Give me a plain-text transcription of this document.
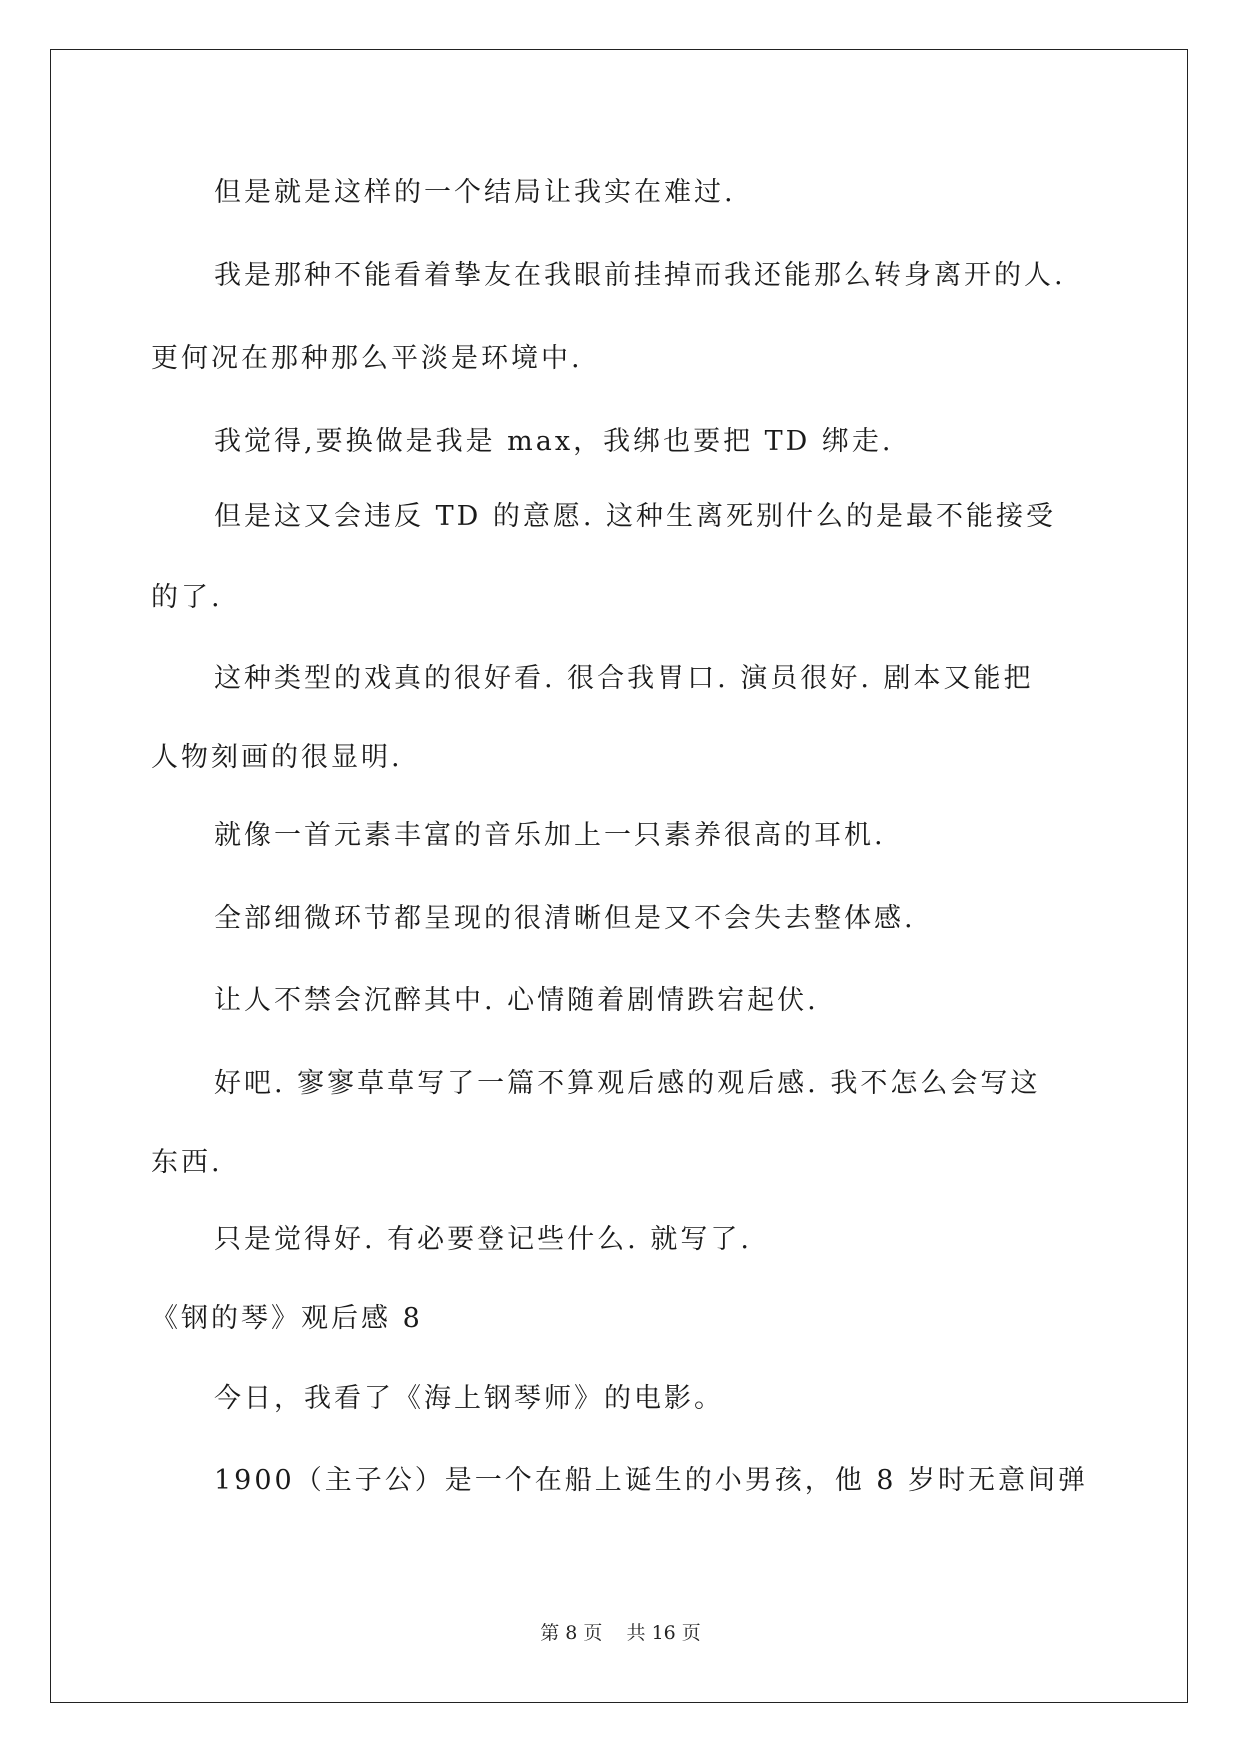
但是就是这样的一个结局让我实在难过.
我是那种不能看着挚友在我眼前挂掉而我还能那么转身离开的人.
更何况在那种那么平淡是环境中.
我觉得,要换做是我是 max，我绑也要把 TD 绑走.
但是这又会违反 TD 的意愿. 这种生离死别什么的是最不能接受
的了.
这种类型的戏真的很好看. 很合我胃口. 演员很好. 剧本又能把
人物刻画的很显明.
就像一首元素丰富的音乐加上一只素养很高的耳机.
全部细微环节都呈现的很清晰但是又不会失去整体感.
让人不禁会沉醉其中. 心情随着剧情跌宕起伏.
好吧. 寥寥草草写了一篇不算观后感的观后感. 我不怎么会写这
东西.
只是觉得好. 有必要登记些什么. 就写了.
《钢的琴》观后感 8
今日，我看了《海上钢琴师》的电影。
1900（主子公）是一个在船上诞生的小男孩，他 8 岁时无意间弹
第 8 页 共 16 页
